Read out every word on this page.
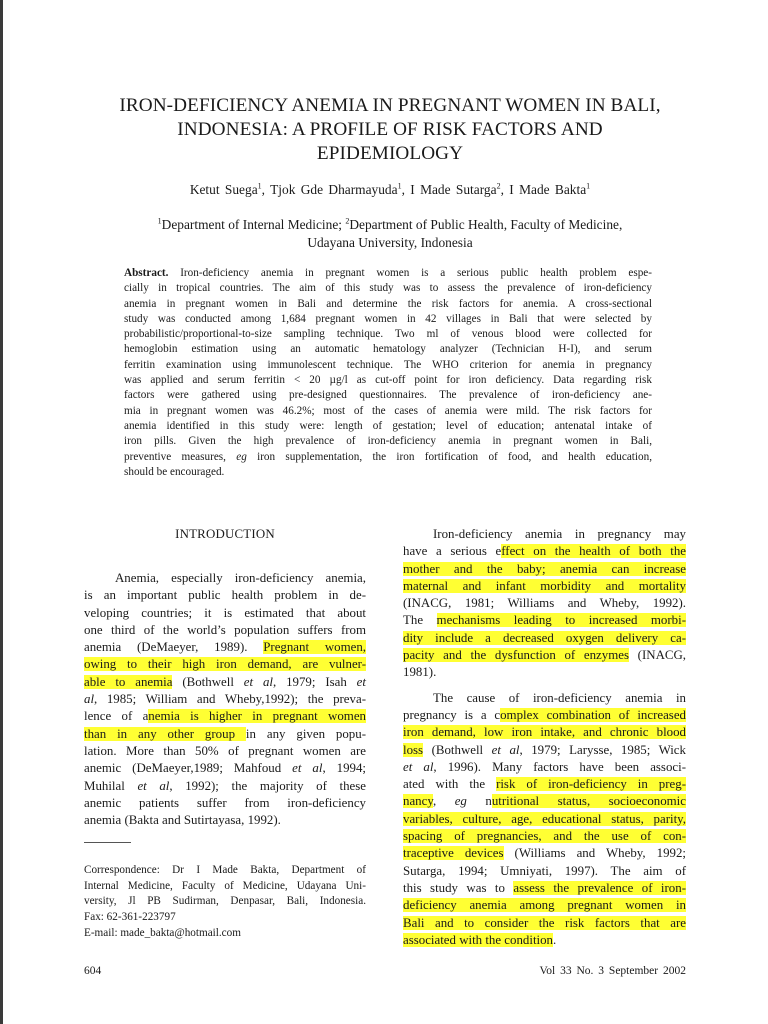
IRON-DEFICIENCY ANEMIA IN PREGNANT WOMEN IN BALI,
INDONESIA: A PROFILE OF RISK FACTORS AND
EPIDEMIOLOGY
Ketut Suega$^1$, Tjok Gde Dharmayuda$^1$, I Made Sutarga$^2$, I Made Bakta$^1$
$^1$Department of Internal Medicine; $^2$Department of Public Health, Faculty of Medicine,
Udayana University, Indonesia
Abstract. Iron-deficiency anemia in pregnant women is a serious public health problem espe-
cially in tropical countries. The aim of this study was to assess the prevalence of iron-deficiency
anemia in pregnant women in Bali and determine the risk factors for anemia. A cross-sectional
study was conducted among 1,684 pregnant women in 42 villages in Bali that were selected by
probabilistic/proportional-to-size sampling technique. Two ml of venous blood were collected for
hemoglobin estimation using an automatic hematology analyzer (Technician H-I), and serum
ferritin examination using immunolescent technique. The WHO criterion for anemia in pregnancy
was applied and serum ferritin < 20 µg/l as cut-off point for iron deficiency. Data regarding risk
factors were gathered using pre-designed questionnaires. The prevalence of iron-deficiency ane-
mia in pregnant women was 46.2%; most of the cases of anemia were mild. The risk factors for
anemia identified in this study were: length of gestation; level of education; antenatal intake of
iron pills. Given the high prevalence of iron-deficiency anemia in pregnant women in Bali,
preventive measures, eg iron supplementation, the iron fortification of food, and health education,
should be encouraged.
INTRODUCTION
Anemia, especially iron-deficiency anemia,
is an important public health problem in de-
veloping countries; it is estimated that about
one third of the world’s population suffers from
anemia (DeMaeyer, 1989). Pregnant women,
owing to their high iron demand, are vulner-
able to anemia (Bothwell et al, 1979; Isah et
al, 1985; William and Wheby,1992); the preva-
lence of anemia is higher in pregnant women
than in any other group in any given popu-
lation. More than 50% of pregnant women are
anemic (DeMaeyer,1989; Mahfoud et al, 1994;
Muhilal et al, 1992); the majority of these
anemic patients suffer from iron-deficiency
anemia (Bakta and Sutirtayasa, 1992).
Correspondence: Dr I Made Bakta, Department of
Internal Medicine, Faculty of Medicine, Udayana Uni-
versity, Jl PB Sudirman, Denpasar, Bali, Indonesia.
Fax: 62-361-223797
E-mail: made_bakta@hotmail.com
Iron-deficiency anemia in pregnancy may
have a serious effect on the health of both the
mother and the baby; anemia can increase
maternal and infant morbidity and mortality
(INACG, 1981; Williams and Wheby, 1992).
The mechanisms leading to increased morbi-
dity include a decreased oxygen delivery ca-
pacity and the dysfunction of enzymes (INACG,
1981).
The cause of iron-deficiency anemia in
pregnancy is a complex combination of increased
iron demand, low iron intake, and chronic blood
loss (Bothwell et al, 1979; Larysse, 1985; Wick
et al, 1996). Many factors have been associ-
ated with the risk of iron-deficiency in preg-
nancy, eg nutritional status, socioeconomic
variables, culture, age, educational status, parity,
spacing of pregnancies, and the use of con-
traceptive devices (Williams and Wheby, 1992;
Sutarga, 1994; Umniyati, 1997). The aim of
this study was to assess the prevalence of iron-
deficiency anemia among pregnant women in
Bali and to consider the risk factors that are
associated with the condition.
604	Vol 33 No. 3 September 2002
